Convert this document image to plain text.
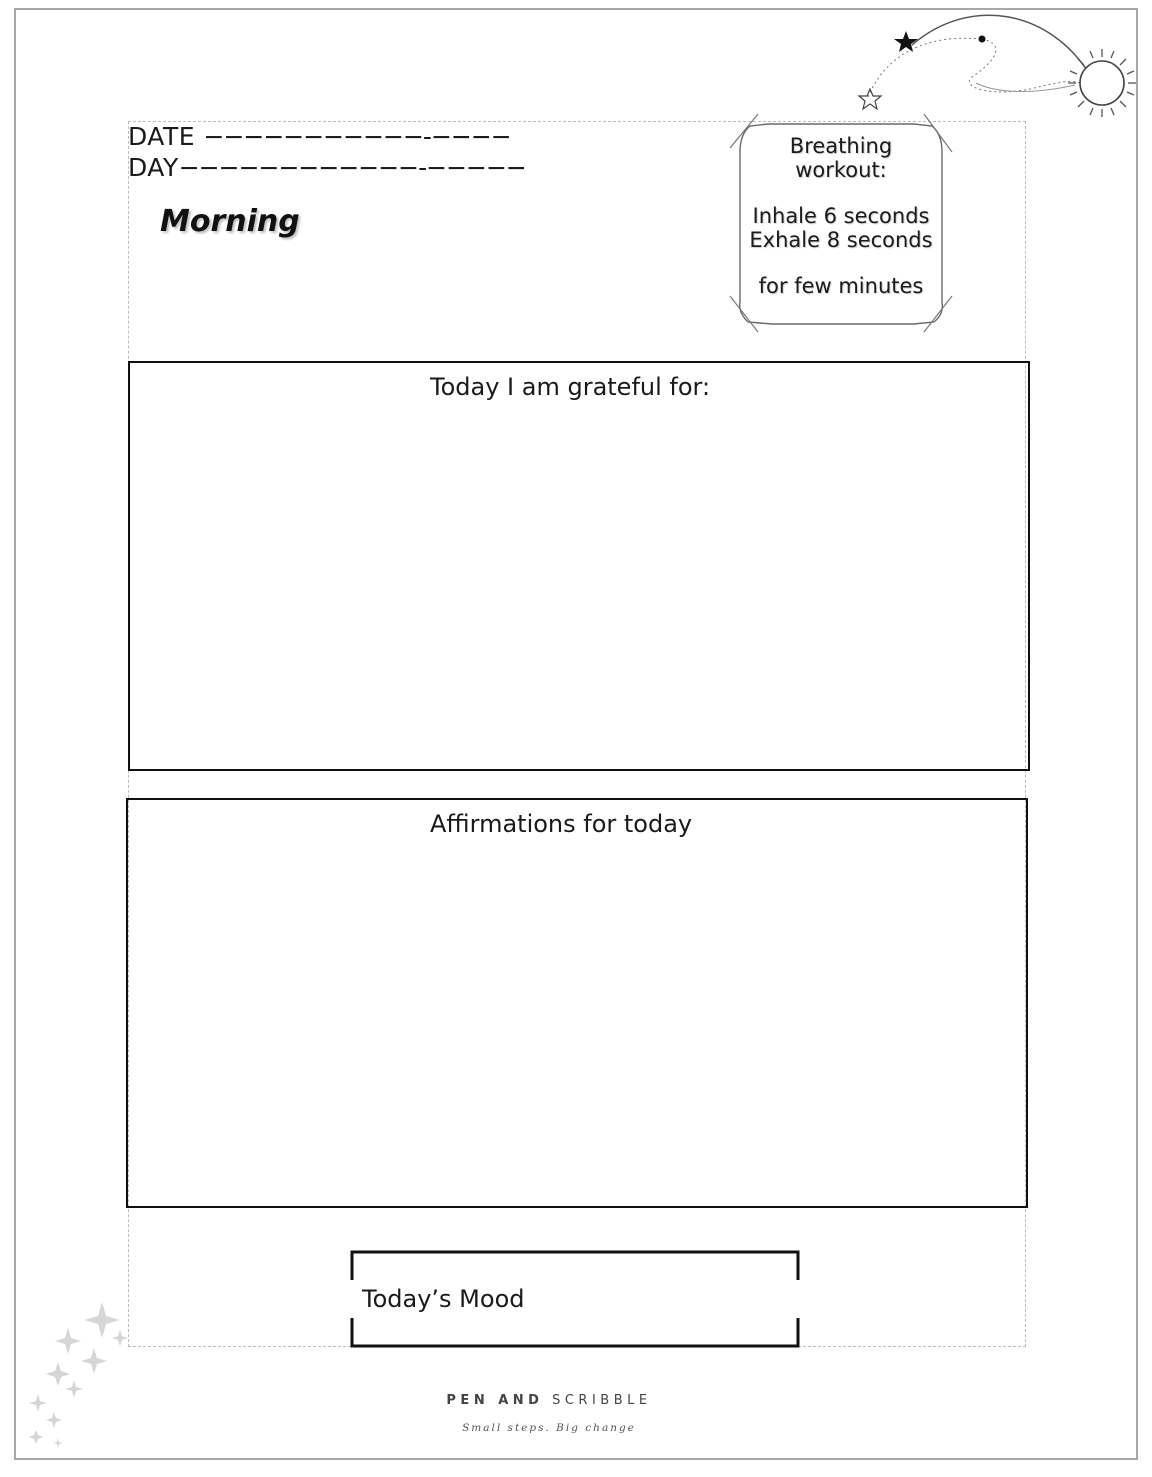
DATE −−−−−−−−−−−-−−−−
DAY−−−−−−−−−−−−-−−−−−
Morning
Breathing
workout:
Inhale 6 seconds
Exhale 8 seconds
for few minutes
Today I am grateful for:
Affirmations for today
Today’s Mood
PEN AND SCRIBBLE
Small steps. Big change
